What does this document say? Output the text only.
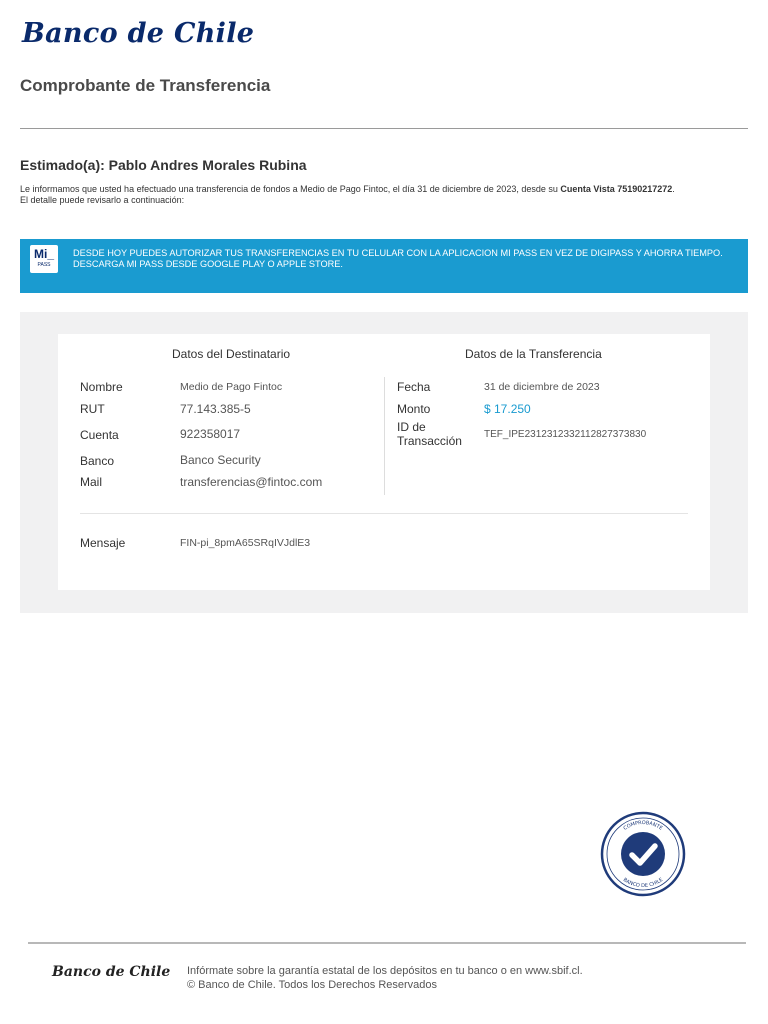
Banco de Chile
Comprobante de Transferencia
Estimado(a): Pablo Andres Morales Rubina
Le informamos que usted ha efectuado una transferencia de fondos a Medio de Pago Fintoc, el día 31 de diciembre de 2023, desde su Cuenta Vista 75190217272.
El detalle puede revisarlo a continuación:
Mi_
PASS
DESDE HOY PUEDES AUTORIZAR TUS TRANSFERENCIAS EN TU CELULAR CON LA APLICACION MI PASS EN VEZ DE DIGIPASS Y AHORRA TIEMPO.
DESCARGA MI PASS DESDE GOOGLE PLAY O APPLE STORE.
Datos del Destinatario	Datos de la Transferencia
Nombre	Medio de Pago Fintoc
RUT	77.143.385-5
Cuenta	922358017
Banco	Banco Security
Mail	transferencias@fintoc.com
Fecha	31 de diciembre de 2023
Monto	$ 17.250
ID de
Transacción TEF_IPE2312312332112827373830
Mensaje	FIN-pi_8pmA65SRqIVJdlE3
COMPROBANTE
BANCO DE CHILE
Banco de Chile Infórmate sobre la garantía estatal de los depósitos en tu banco o en www.sbif.cl.
© Banco de Chile. Todos los Derechos Reservados
